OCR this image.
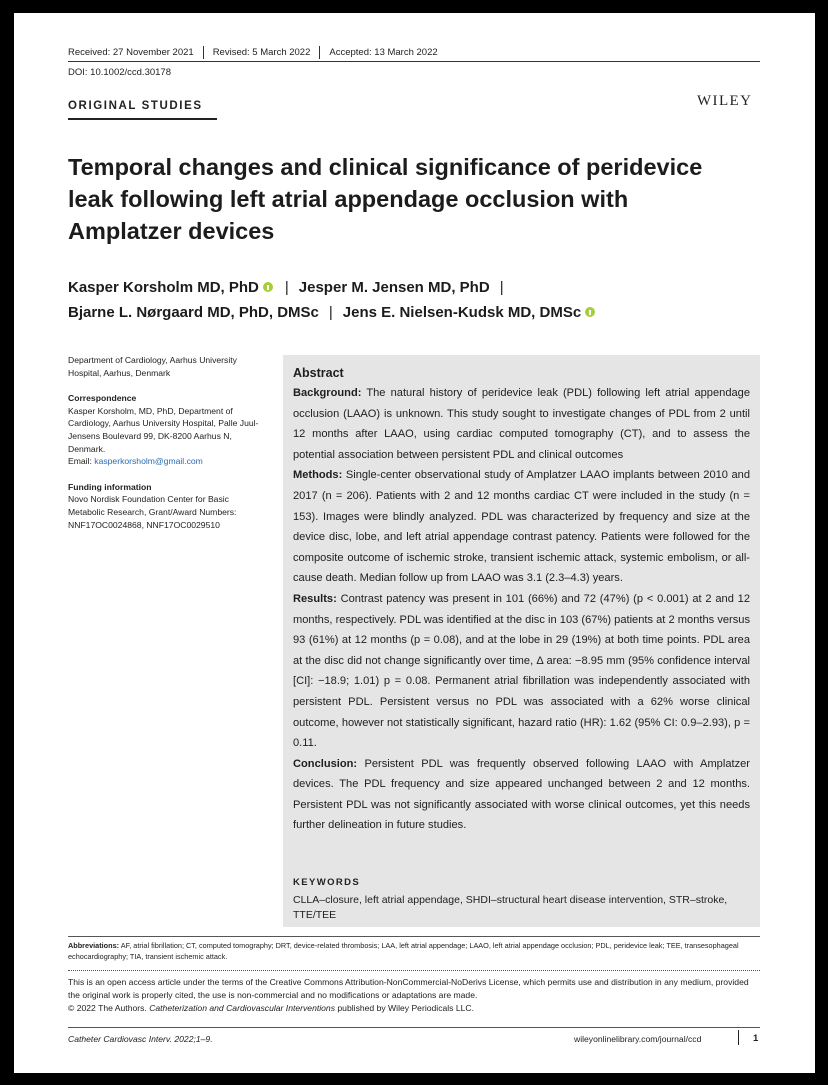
Received: 27 November 2021 Revised: 5 March 2022 Accepted: 13 March 2022
DOI: 10.1002/ccd.30178
ORIGINAL STUDIES	WILEY
Temporal changes and clinical significance of peridevice leak following left atrial appendage occlusion with Amplatzer devices
Kasper Korsholm MD, PhD | Jesper M. Jensen MD, PhD |
Bjarne L. Nørgaard MD, PhD, DMSc | Jens E. Nielsen-Kudsk MD, DMSc
Department of Cardiology, Aarhus University Hospital, Aarhus, Denmark
Correspondence
Kasper Korsholm, MD, PhD, Department of Cardiology, Aarhus University Hospital, Palle Juul-Jensens Boulevard 99, DK-8200 Aarhus N, Denmark.
Email: kasperkorsholm@gmail.com
Funding information
Novo Nordisk Foundation Center for Basic Metabolic Research, Grant/Award Numbers: NNF17OC0024868, NNF17OC0029510
Abstract

Background: The natural history of peridevice leak (PDL) following left atrial appendage occlusion (LAAO) is unknown. This study sought to investigate changes of PDL from 2 until 12 months after LAAO, using cardiac computed tomography (CT), and to assess the potential association between persistent PDL and clinical outcomes

Methods: Single-center observational study of Amplatzer LAAO implants between 2010 and 2017 (n = 206). Patients with 2 and 12 months cardiac CT were included in the study (n = 153). Images were blindly analyzed. PDL was characterized by frequency and size at the device disc, lobe, and left atrial appendage contrast patency. Patients were followed for the composite outcome of ischemic stroke, transient ischemic attack, systemic embolism, or all-cause death. Median follow up from LAAO was 3.1 (2.3–4.3) years.

Results: Contrast patency was present in 101 (66%) and 72 (47%) (p < 0.001) at 2 and 12 months, respectively. PDL was identified at the disc in 103 (67%) patients at 2 months versus 93 (61%) at 12 months (p = 0.08), and at the lobe in 29 (19%) at both time points. PDL area at the disc did not change significantly over time, Δ area: −8.95 mm (95% confidence interval [CI]: −18.9; 1.01) p = 0.08. Permanent atrial fibrillation was independently associated with persistent PDL. Persistent versus no PDL was associated with a 62% worse clinical outcome, however not statistically significant, hazard ratio (HR): 1.62 (95% CI: 0.9–2.93), p = 0.11.

Conclusion: Persistent PDL was frequently observed following LAAO with Amplatzer devices. The PDL frequency and size appeared unchanged between 2 and 12 months. Persistent PDL was not significantly associated with worse clinical outcomes, yet this needs further delineation in future studies.

KEYWORDS
CLLA–closure, left atrial appendage, SHDI–structural heart disease intervention, STR–stroke, TTE/TEE
Abbreviations: AF, atrial fibrillation; CT, computed tomography; DRT, device-related thrombosis; LAA, left atrial appendage; LAAO, left atrial appendage occlusion; PDL, peridevice leak; TEE, transesophageal echocardiography; TIA, transient ischemic attack.
This is an open access article under the terms of the Creative Commons Attribution-NonCommercial-NoDerivs License, which permits use and distribution in any medium, provided the original work is properly cited, the use is non-commercial and no modifications or adaptations are made.
© 2022 The Authors. Catheterization and Cardiovascular Interventions published by Wiley Periodicals LLC.
Catheter Cardiovasc Interv. 2022;1–9.	wileyonlinelibrary.com/journal/ccd	1
